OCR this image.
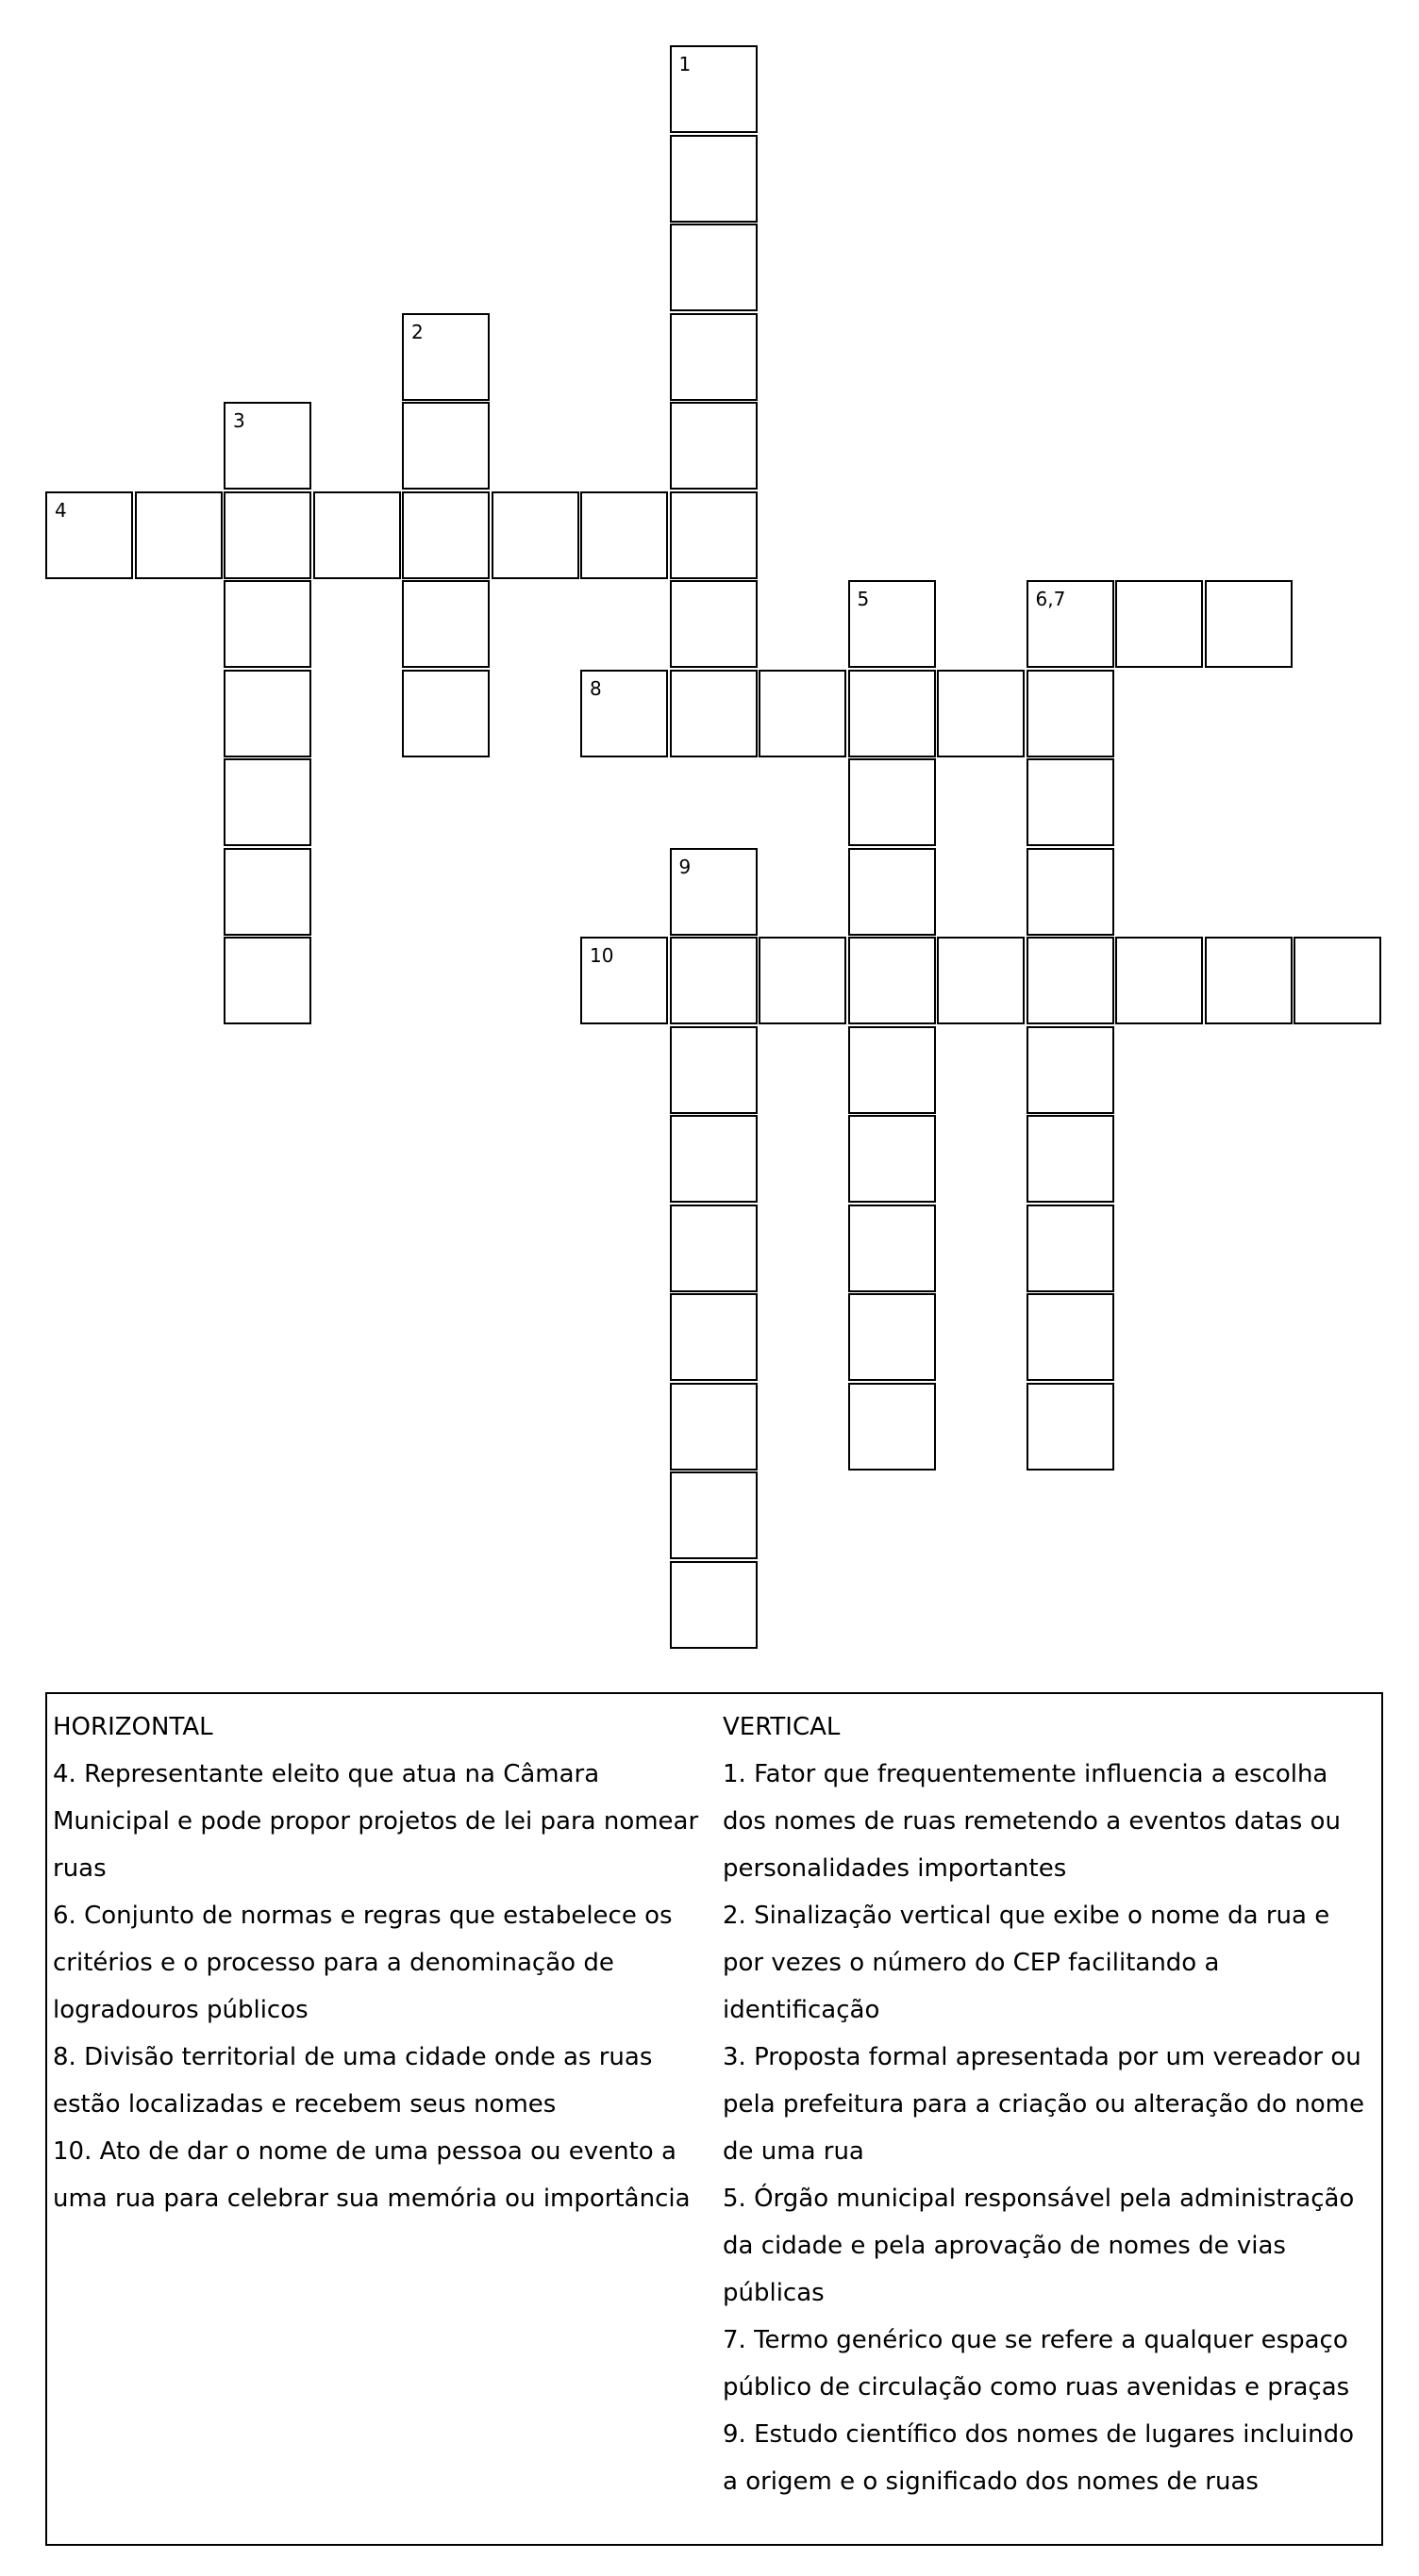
1
2
3
4
5	6,7
8
9
10
HORIZONTAL
4. Representante eleito que atua na Câmara Municipal e pode propor projetos de lei para nomear ruas
6. Conjunto de normas e regras que estabelece os critérios e o processo para a denominação de logradouros públicos
8. Divisão territorial de uma cidade onde as ruas estão localizadas e recebem seus nomes
10. Ato de dar o nome de uma pessoa ou evento a uma rua para celebrar sua memória ou importância
VERTICAL
1. Fator que frequentemente influencia a escolha dos nomes de ruas remetendo a eventos datas ou personalidades importantes
2. Sinalização vertical que exibe o nome da rua e por vezes o número do CEP facilitando a identificação
3. Proposta formal apresentada por um vereador ou pela prefeitura para a criação ou alteração do nome de uma rua
5. Órgão municipal responsável pela administração da cidade e pela aprovação de nomes de vias públicas
7. Termo genérico que se refere a qualquer espaço público de circulação como ruas avenidas e praças
9. Estudo científico dos nomes de lugares incluindo a origem e o significado dos nomes de ruas
